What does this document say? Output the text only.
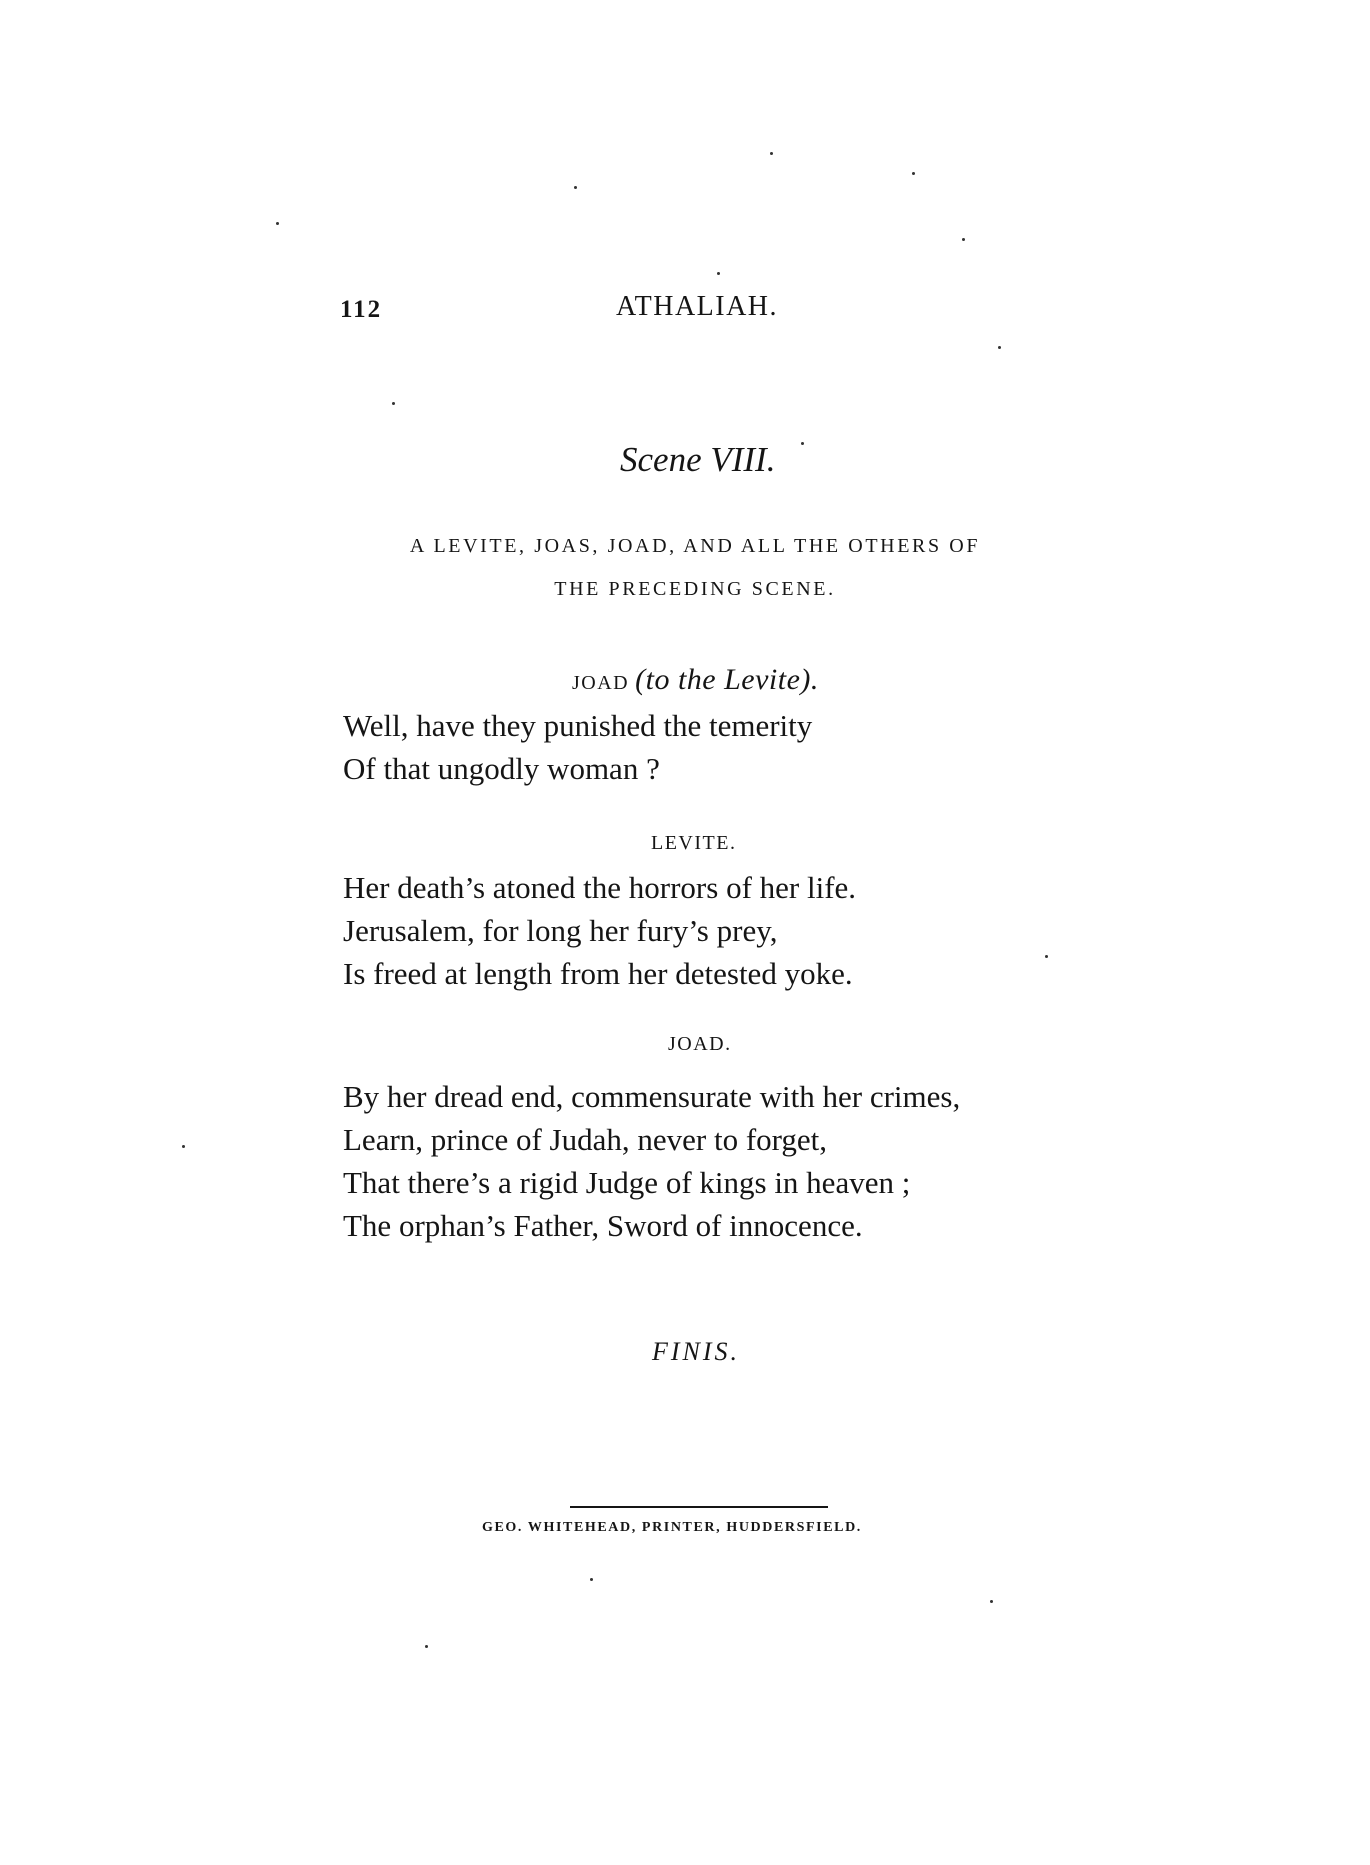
112	ATHALIAH.
Scene VIII.
A LEVITE, JOAS, JOAD, AND ALL THE OTHERS OF
THE PRECEDING SCENE.
JOAD (to the Levite).
Well, have they punished the temerity
Of that ungodly woman ?
LEVITE.
Her death’s atoned the horrors of her life.
Jerusalem, for long her fury’s prey,
Is freed at length from her detested yoke.
JOAD.
By her dread end, commensurate with her crimes,
Learn, prince of Judah, never to forget,
That there’s a rigid Judge of kings in heaven ;
The orphan’s Father, Sword of innocence.
FINIS.
GEO. WHITEHEAD, PRINTER, HUDDERSFIELD.
